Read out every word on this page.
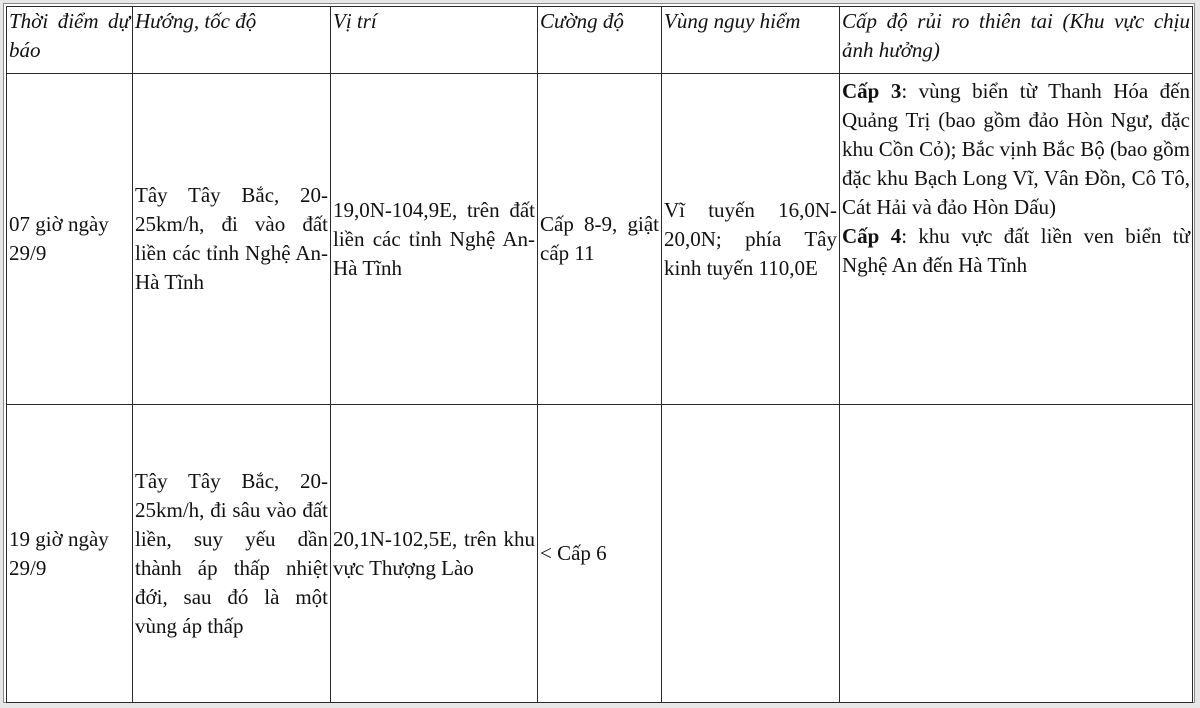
Thời điểm dự báo	Hướng, tốc độ	Vị trí	Cường độ	Vùng nguy hiểm	Cấp độ rủi ro thiên tai (Khu vực chịu ảnh hưởng)
07 giờ ngày 29/9	Tây Tây Bắc, 20-25km/h, đi vào đất liền các tỉnh Nghệ An-Hà Tĩnh	19,0N-104,9E, trên đất liền các tỉnh Nghệ An-Hà Tĩnh	Cấp 8-9, giật cấp 11	Vĩ tuyến 16,0N-20,0N; phía Tây kinh tuyến 110,0E	Cấp 3: vùng biển từ Thanh Hóa đến Quảng Trị (bao gồm đảo Hòn Ngư, đặc khu Cồn Cỏ); Bắc vịnh Bắc Bộ (bao gồm đặc khu Bạch Long Vĩ, Vân Đồn, Cô Tô, Cát Hải và đảo Hòn Dấu)
Cấp 4: khu vực đất liền ven biển từ Nghệ An đến Hà Tĩnh

19 giờ ngày 29/9	Tây Tây Bắc, 20-25km/h, đi sâu vào đất liền, suy yếu dần thành áp thấp nhiệt đới, sau đó là một vùng áp thấp	20,1N-102,5E, trên khu vực Thượng Lào	< Cấp 6		
